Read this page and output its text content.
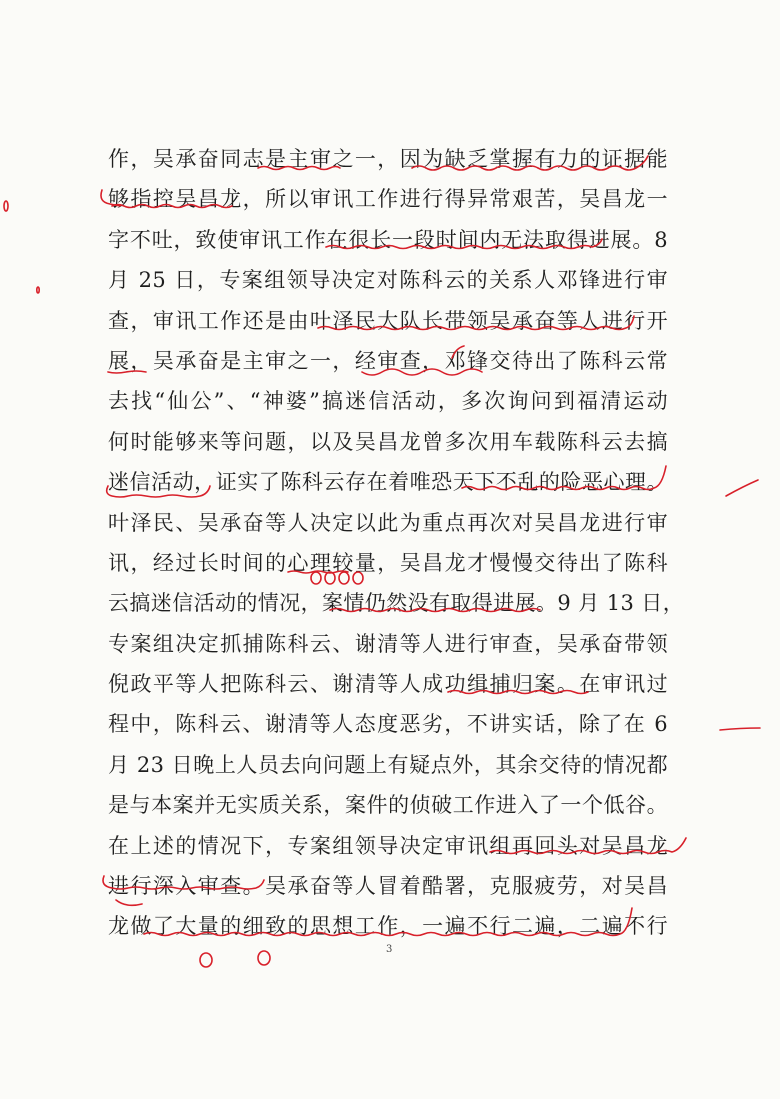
作，吴承奋同志是主审之一，因为缺乏掌握有力的证据能
够指控吴昌龙，所以审讯工作进行得异常艰苦，吴昌龙一
字不吐，致使审讯工作在很长一段时间内无法取得进展。8
月 25 日，专案组领导决定对陈科云的关系人邓锋进行审
查，审讯工作还是由叶泽民大队长带领吴承奋等人进行开
展，吴承奋是主审之一，经审查，邓锋交待出了陈科云常
去找“仙公”、“神婆”搞迷信活动，多次询问到福清运动
何时能够来等问题，以及吴昌龙曾多次用车载陈科云去搞
迷信活动，证实了陈科云存在着唯恐天下不乱的险恶心理。
叶泽民、吴承奋等人决定以此为重点再次对吴昌龙进行审
讯，经过长时间的心理较量，吴昌龙才慢慢交待出了陈科
云搞迷信活动的情况，案情仍然没有取得进展。9 月 13 日，
专案组决定抓捕陈科云、谢清等人进行审查，吴承奋带领
倪政平等人把陈科云、谢清等人成功缉捕归案。在审讯过
程中，陈科云、谢清等人态度恶劣，不讲实话，除了在 6
月 23 日晚上人员去向问题上有疑点外，其余交待的情况都
是与本案并无实质关系，案件的侦破工作进入了一个低谷。
在上述的情况下，专案组领导决定审讯组再回头对吴昌龙
进行深入审查。吴承奋等人冒着酷署，克服疲劳，对吴昌
龙做了大量的细致的思想工作，一遍不行二遍，二遍不行
3
